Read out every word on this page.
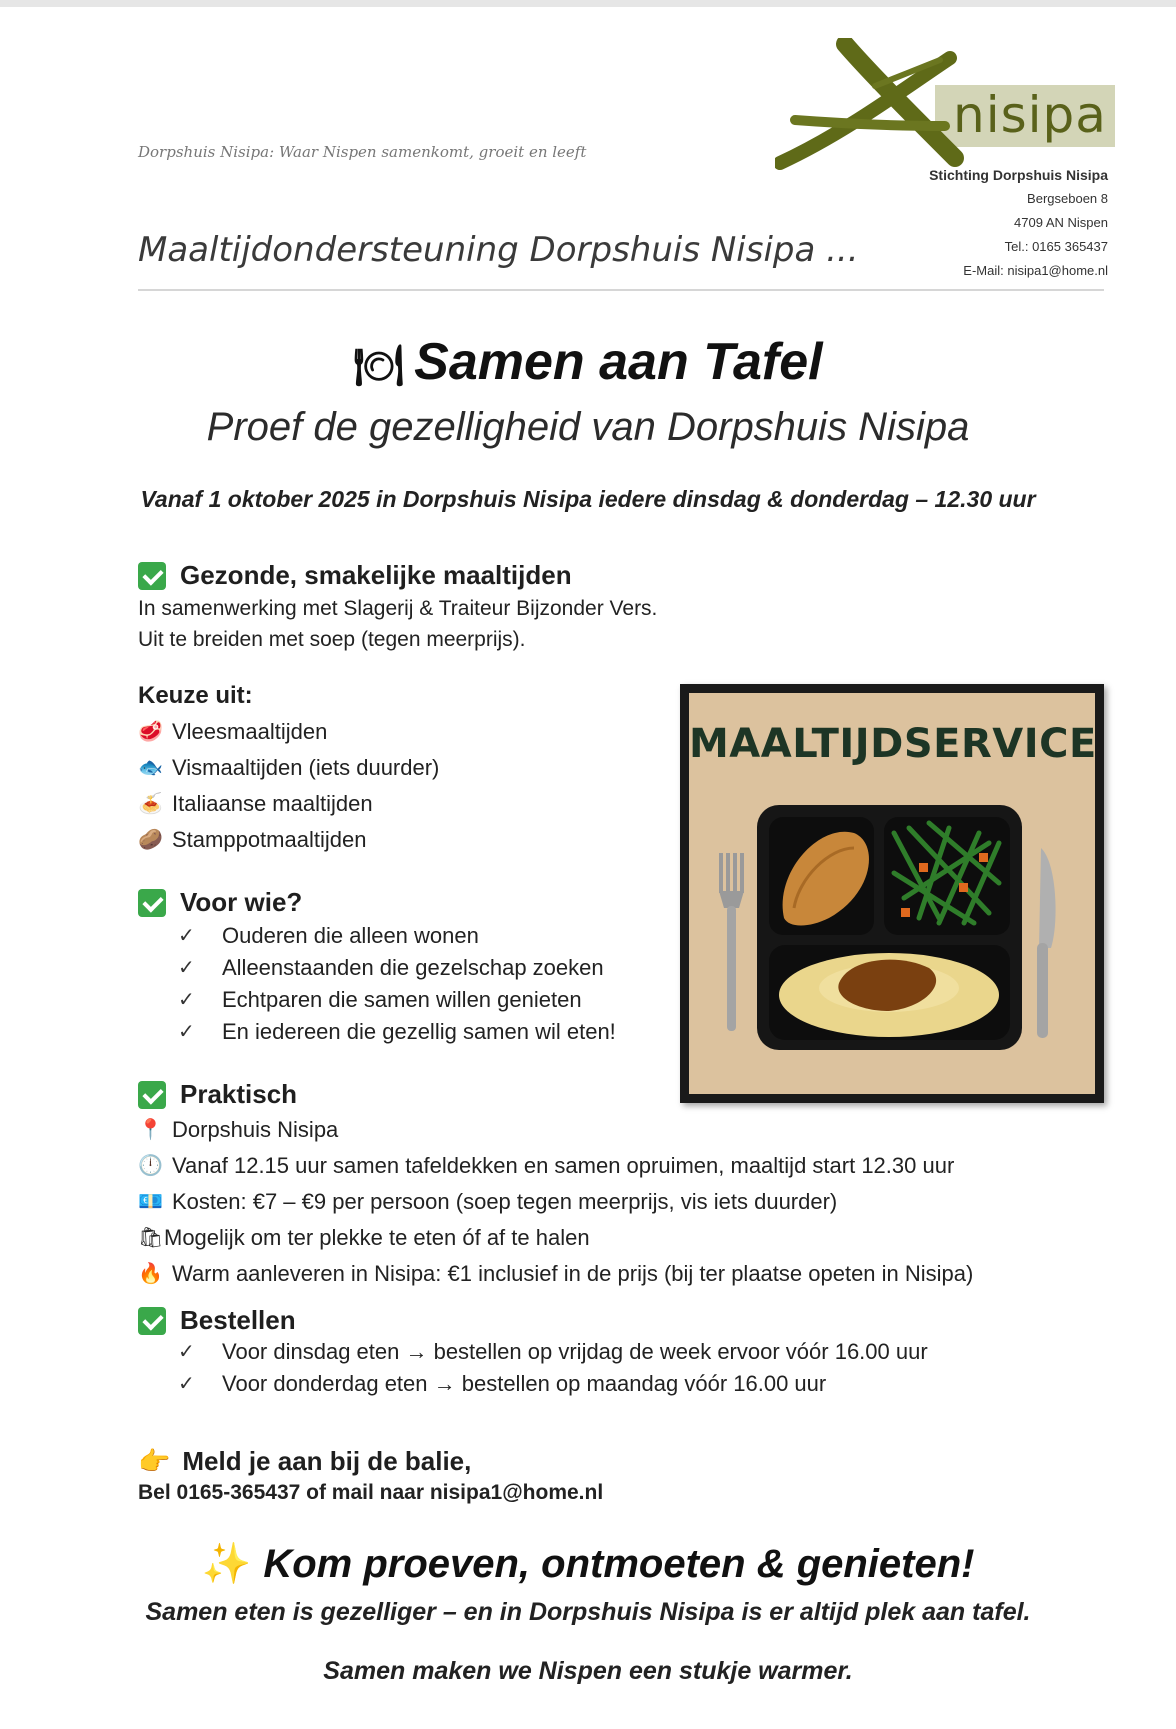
Dorpshuis Nisipa: Waar Nispen samenkomt, groeit en leeft
Maaltijdondersteuning Dorpshuis Nisipa ...
nisipa
Stichting Dorpshuis Nisipa
Bergseboen 8
4709 AN Nispen
Tel.: 0165 365437
E-Mail: nisipa1@home.nl
🍽 Samen aan Tafel
Proef de gezelligheid van Dorpshuis Nisipa
Vanaf 1 oktober 2025 in Dorpshuis Nisipa iedere dinsdag & donderdag – 12.30 uur
Gezonde, smakelijke maaltijden
In samenwerking met Slagerij & Traiteur Bijzonder Vers.
Uit te breiden met soep (tegen meerprijs).
Keuze uit:
🥩 Vleesmaaltijden
🐟 Vismaaltijden (iets duurder)
🍝 Italiaanse maaltijden
🥔 Stamppotmaaltijden
Voor wie?
✓	Ouderen die alleen wonen
✓	Alleenstaanden die gezelschap zoeken
✓	Echtparen die samen willen genieten
✓	En iedereen die gezellig samen wil eten!
Praktisch
📍 Dorpshuis Nisipa
🕛 Vanaf 12.15 uur samen tafeldekken en samen opruimen, maaltijd start 12.30 uur
💶 Kosten: €7 – €9 per persoon (soep tegen meerprijs, vis iets duurder)
🛍 Mogelijk om ter plekke te eten óf af te halen
🔥 Warm aanleveren in Nisipa: €1 inclusief in de prijs (bij ter plaatse opeten in Nisipa)
Bestellen
✓	Voor dinsdag eten → bestellen op vrijdag de week ervoor vóór 16.00 uur
✓	Voor donderdag eten → bestellen op maandag vóór 16.00 uur
👉 Meld je aan bij de balie,
Bel 0165-365437 of mail naar nisipa1@home.nl
MAALTIJDSERVICE
✨ Kom proeven, ontmoeten & genieten!
Samen eten is gezelliger – en in Dorpshuis Nisipa is er altijd plek aan tafel.
Samen maken we Nispen een stukje warmer.
